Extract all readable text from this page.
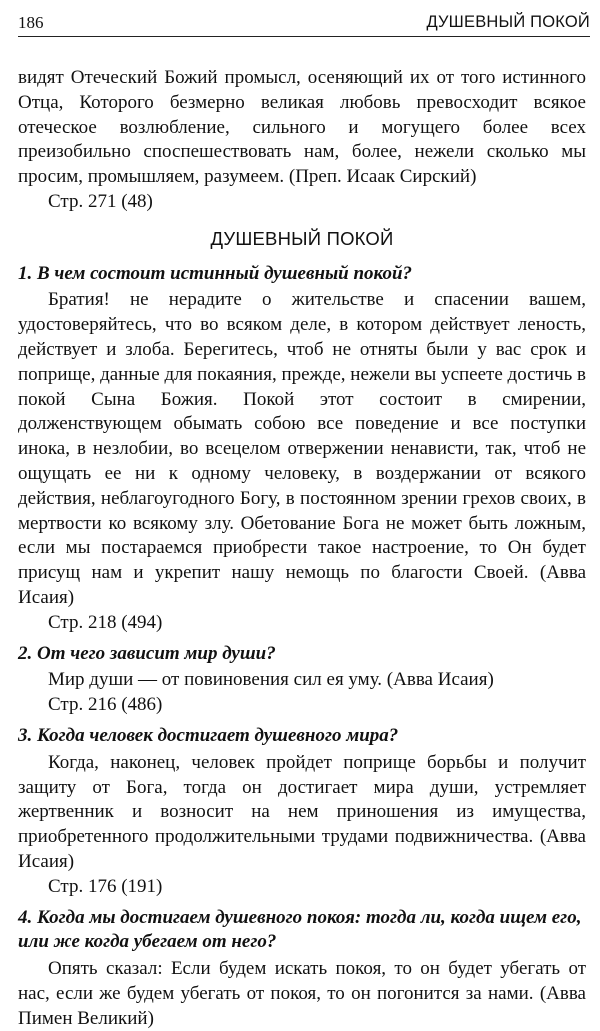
186	ДУШЕВНЫЙ ПОКОЙ

видят Отеческий Божий промысл, осеняющий их от того истинного Отца, Которого безмерно великая любовь превосходит всякое отеческое возлюбление, сильного и могущего более всех преизобильно споспешествовать нам, более, нежели сколько мы просим, промышляем, разумеем. (Преп. Исаак Сирский)

Стр. 271 (48)

ДУШЕВНЫЙ ПОКОЙ

1. В чем состоит истинный душевный покой?

Братия! не нерадите о жительстве и спасении вашем, удостоверяйтесь, что во всяком деле, в котором действует леность, действует и злоба. Берегитесь, чтоб не отняты были у вас срок и поприще, данные для покаяния, прежде, нежели вы успеете достичь в покой Сына Божия. Покой этот состоит в смирении, долженствующем обымать собою все поведение и все поступки инока, в незлобии, во всецелом отвержении ненависти, так, чтоб не ощущать ее ни к одному человеку, в воздержании от всякого действия, неблагоугодного Богу, в постоянном зрении грехов своих, в мертвости ко всякому злу. Обетование Бога не может быть ложным, если мы постараемся приобрести такое настроение, то Он будет присущ нам и укрепит нашу немощь по благости Своей. (Авва Исаия)

Стр. 218 (494)

2. От чего зависит мир души?

Мир души — от повиновения сил ея уму. (Авва Исаия)

Стр. 216 (486)

3. Когда человек достигает душевного мира?

Когда, наконец, человек пройдет поприще борьбы и получит защиту от Бога, тогда он достигает мира души, устремляет жертвенник и возносит на нем приношения из имущества, приобретенного продолжительными трудами подвижничества. (Авва Исаия)

Стр. 176 (191)

4. Когда мы достигаем душевного покоя: тогда ли, когда ищем его, или же когда убегаем от него?

Опять сказал: Если будем искать покоя, то он будет убегать от нас, если же будем убегать от покоя, то он погонится за нами. (Авва Пимен Великий)
